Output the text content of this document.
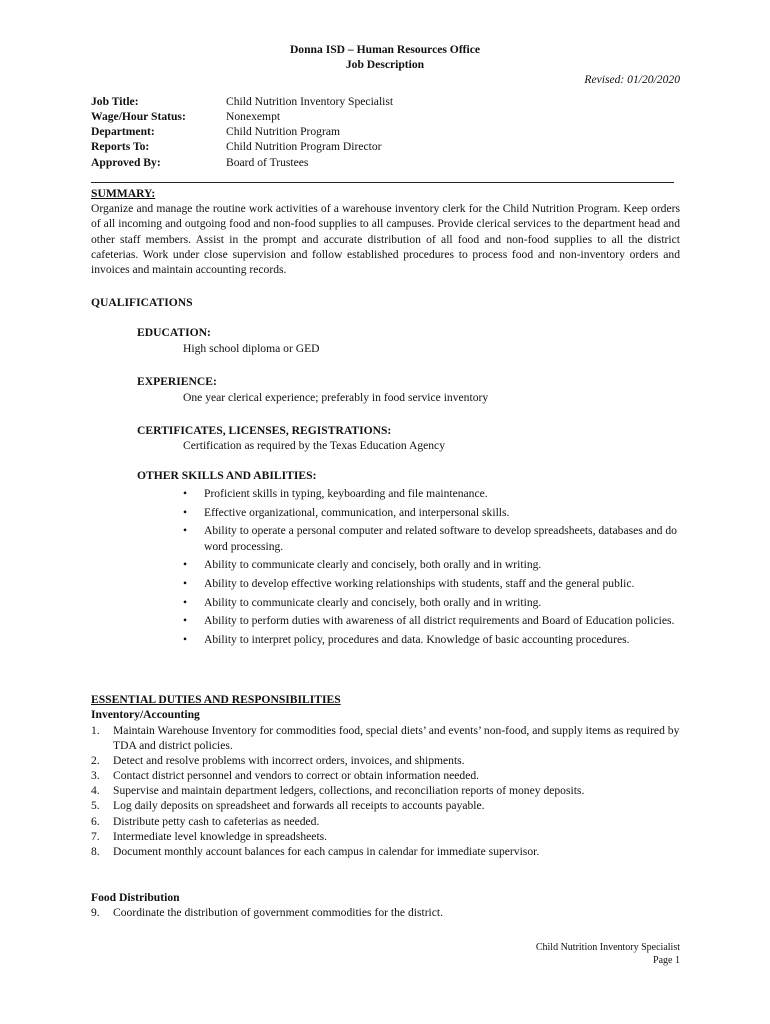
Donna ISD – Human Resources Office
Job Description
Revised: 01/20/2020
Job Title:	Child Nutrition Inventory Specialist
Wage/Hour Status:	Nonexempt
Department:	Child Nutrition Program
Reports To:	Child Nutrition Program Director
Approved By:	Board of Trustees
SUMMARY:
Organize and manage the routine work activities of a warehouse inventory clerk for the Child Nutrition Program. Keep orders of all incoming and outgoing food and non-food supplies to all campuses. Provide clerical services to the department head and other staff members. Assist in the prompt and accurate distribution of all food and non-food supplies to all the district cafeterias. Work under close supervision and follow established procedures to process food and non-inventory orders and invoices and maintain accounting records.
QUALIFICATIONS
EDUCATION:
High school diploma or GED
EXPERIENCE:
One year clerical experience; preferably in food service inventory
CERTIFICATES, LICENSES, REGISTRATIONS:
Certification as required by the Texas Education Agency
OTHER SKILLS AND ABILITIES:
• Proficient skills in typing, keyboarding and file maintenance.
• Effective organizational, communication, and interpersonal skills.
• Ability to operate a personal computer and related software to develop spreadsheets, databases and do word processing.
• Ability to communicate clearly and concisely, both orally and in writing.
• Ability to develop effective working relationships with students, staff and the general public.
• Ability to communicate clearly and concisely, both orally and in writing.
• Ability to perform duties with awareness of all district requirements and Board of Education policies.
• Ability to interpret policy, procedures and data. Knowledge of basic accounting procedures.
ESSENTIAL DUTIES AND RESPONSIBILITIES
Inventory/Accounting
1. Maintain Warehouse Inventory for commodities food, special diets’ and events’ non-food, and supply items as required by TDA and district policies.
2. Detect and resolve problems with incorrect orders, invoices, and shipments.
3. Contact district personnel and vendors to correct or obtain information needed.
4. Supervise and maintain department ledgers, collections, and reconciliation reports of money deposits.
5. Log daily deposits on spreadsheet and forwards all receipts to accounts payable.
6. Distribute petty cash to cafeterias as needed.
7. Intermediate level knowledge in spreadsheets.
8. Document monthly account balances for each campus in calendar for immediate supervisor.
Food Distribution
9. Coordinate the distribution of government commodities for the district.
Child Nutrition Inventory Specialist
Page 1
